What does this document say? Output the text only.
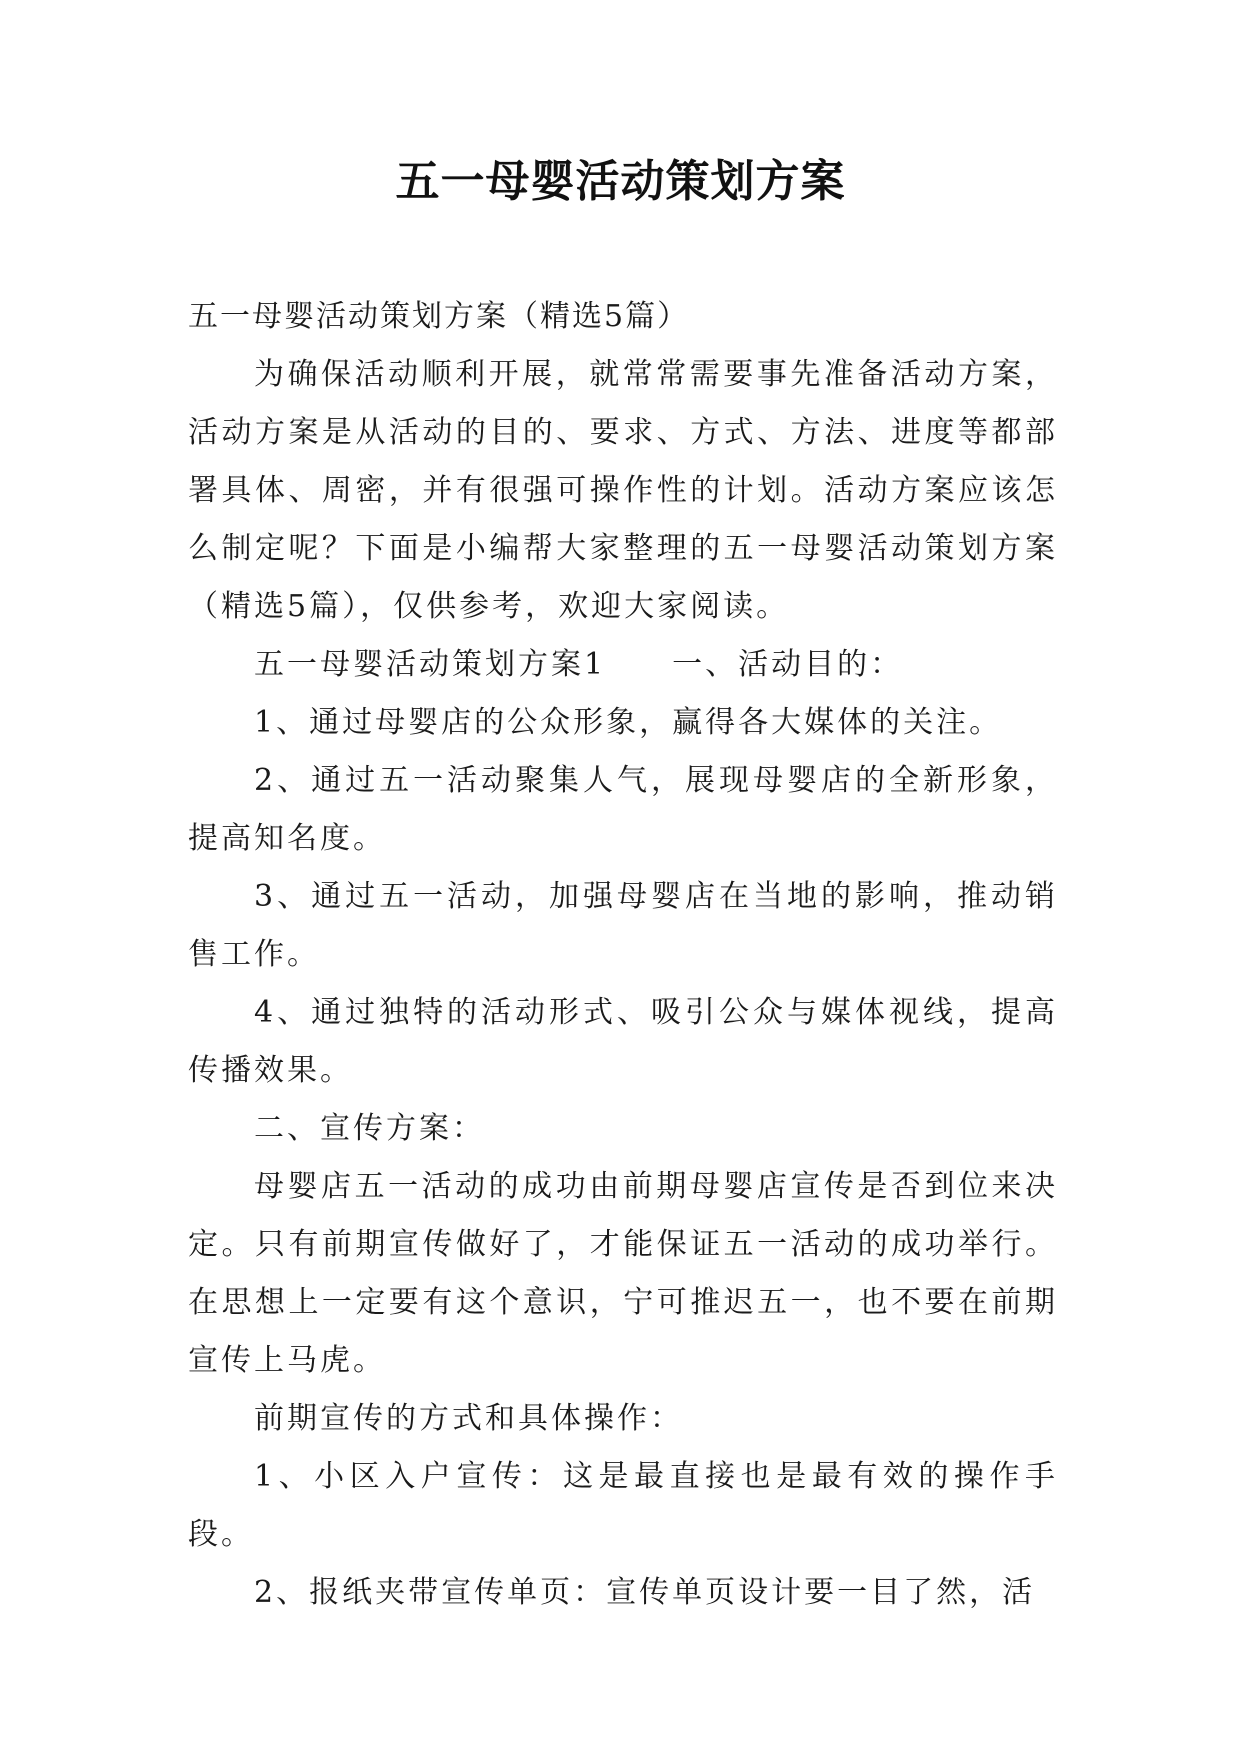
五一母婴活动策划方案

五一母婴活动策划方案（精选5篇）

为确保活动顺利开展，就常常需要事先准备活动方案，活动方案是从活动的目的、要求、方式、方法、进度等都部署具体、周密，并有很强可操作性的计划。活动方案应该怎么制定呢？下面是小编帮大家整理的五一母婴活动策划方案（精选5篇），仅供参考，欢迎大家阅读。

五一母婴活动策划方案1　　一、活动目的：

1、通过母婴店的公众形象，赢得各大媒体的关注。

2、通过五一活动聚集人气，展现母婴店的全新形象，提高知名度。

3、通过五一活动，加强母婴店在当地的影响，推动销售工作。

4、通过独特的活动形式、吸引公众与媒体视线，提高传播效果。

二、宣传方案：

母婴店五一活动的成功由前期母婴店宣传是否到位来决定。只有前期宣传做好了，才能保证五一活动的成功举行。在思想上一定要有这个意识，宁可推迟五一，也不要在前期宣传上马虎。

前期宣传的方式和具体操作：

1、小区入户宣传：这是最直接也是最有效的操作手段。

2、报纸夹带宣传单页：宣传单页设计要一目了然，活
